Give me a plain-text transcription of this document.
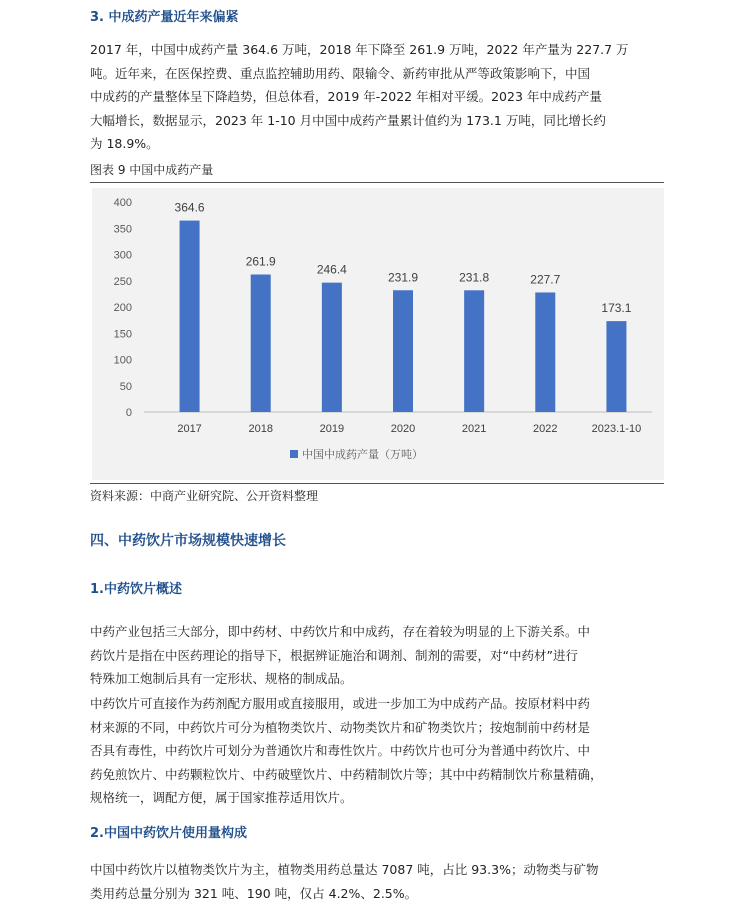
3. 中成药产量近年来偏紧
2017 年，中国中成药产量 364.6 万吨，2018 年下降至 261.9 万吨，2022 年产量为 227.7 万
吨。近年来，在医保控费、重点监控辅助用药、限输令、新药审批从严等政策影响下，中国
中成药的产量整体呈下降趋势，但总体看，2019 年-2022 年相对平缓。2023 年中成药产量
大幅增长，数据显示，2023 年 1-10 月中国中成药产量累计值约为 173.1 万吨，同比增长约
为 18.9%。
图表 9 中国中成药产量
0
50
100
150
200
250
300
350
400	364.6
2017
261.9
2018
246.4
2019
231.9
2020
231.8
2021
227.7
2022
173.1
2023.1-10
中国中成药产量（万吨）
资料来源：中商产业研究院、公开资料整理
四、中药饮片市场规模快速增长
1.中药饮片概述
中药产业包括三大部分，即中药材、中药饮片和中成药，存在着较为明显的上下游关系。中
药饮片是指在中医药理论的指导下，根据辨证施治和调剂、制剂的需要，对“中药材”进行
特殊加工炮制后具有一定形状、规格的制成品。
中药饮片可直接作为药剂配方服用或直接服用，或进一步加工为中成药产品。按原材料中药
材来源的不同，中药饮片可分为植物类饮片、动物类饮片和矿物类饮片；按炮制前中药材是
否具有毒性，中药饮片可划分为普通饮片和毒性饮片。中药饮片也可分为普通中药饮片、中
药免煎饮片、中药颗粒饮片、中药破壁饮片、中药精制饮片等；其中中药精制饮片称量精确，
规格统一，调配方便，属于国家推荐适用饮片。
2.中国中药饮片使用量构成
中国中药饮片以植物类饮片为主，植物类用药总量达 7087 吨，占比 93.3%；动物类与矿物
类用药总量分别为 321 吨、190 吨，仅占 4.2%、2.5%。
